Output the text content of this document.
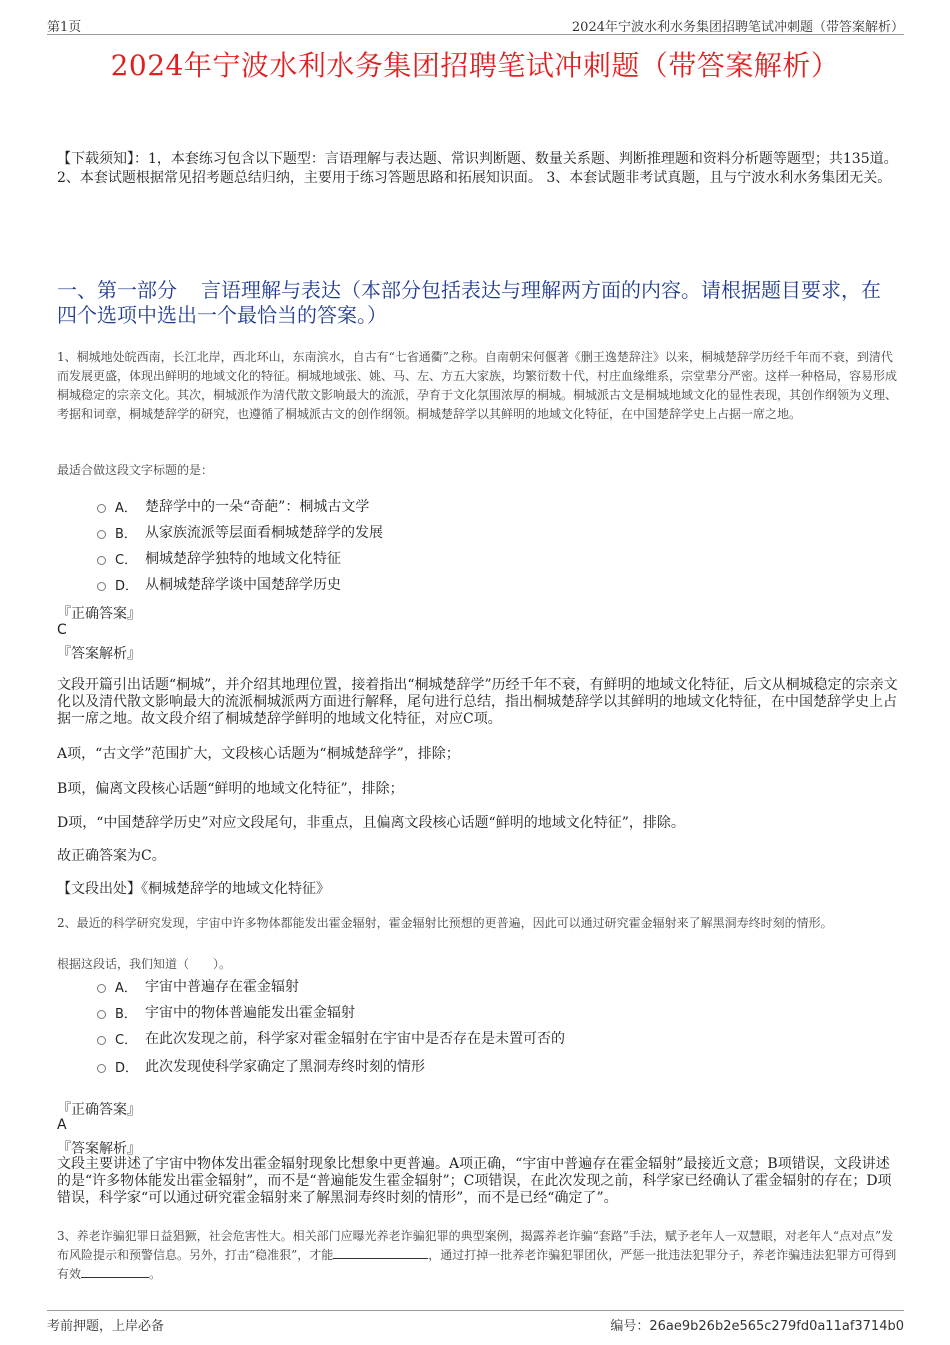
第1页	2024年宁波水利水务集团招聘笔试冲刺题（带答案解析）
2024年宁波水利水务集团招聘笔试冲刺题（带答案解析）
【下载须知】：1，本套练习包含以下题型：言语理解与表达题、常识判断题、数量关系题、判断推理题和资料分析题等题型；共135道。 2、本套试题根据常见招考题总结归纳，主要用于练习答题思路和拓展知识面。 3、本套试题非考试真题，且与宁波水利水务集团无关。
一、第一部分 言语理解与表达（本部分包括表达与理解两方面的内容。请根据题目要求，在四个选项中选出一个最恰当的答案。）
1、桐城地处皖西南，长江北岸，西北环山，东南滨水，自古有“七省通衢”之称。自南朝宋何偃著《删王逸楚辞注》以来，桐城楚辞学历经千年而不衰，到清代而发展更盛，体现出鲜明的地域文化的特征。桐城地域张、姚、马、左、方五大家族，均繁衍数十代，村庄血缘维系，宗堂辈分严密。这样一种格局，容易形成桐城稳定的宗亲文化。其次，桐城派作为清代散文影响最大的流派，孕育于文化氛围浓厚的桐城。桐城派古文是桐城地域文化的显性表现，其创作纲领为义理、考据和词章，桐城楚辞学的研究，也遵循了桐城派古文的创作纲领。桐城楚辞学以其鲜明的地域文化特征，在中国楚辞学史上占据一席之地。
最适合做这段文字标题的是：
A． 楚辞学中的一朵“奇葩”：桐城古文学
B． 从家族流派等层面看桐城楚辞学的发展
C． 桐城楚辞学独特的地域文化特征
D． 从桐城楚辞学谈中国楚辞学历史
『正确答案』
C
『答案解析』
文段开篇引出话题“桐城”，并介绍其地理位置，接着指出“桐城楚辞学”历经千年不衰，有鲜明的地域文化特征，后文从桐城稳定的宗亲文化以及清代散文影响最大的流派桐城派两方面进行解释，尾句进行总结，指出桐城楚辞学以其鲜明的地域文化特征，在中国楚辞学史上占据一席之地。故文段介绍了桐城楚辞学鲜明的地域文化特征，对应C项。
A项，“古文学”范围扩大，文段核心话题为“桐城楚辞学”，排除；
B项，偏离文段核心话题“鲜明的地域文化特征”，排除；
D项，“中国楚辞学历史”对应文段尾句，非重点，且偏离文段核心话题“鲜明的地域文化特征”，排除。
故正确答案为C。
【文段出处】《桐城楚辞学的地域文化特征》
2、最近的科学研究发现，宇宙中许多物体都能发出霍金辐射，霍金辐射比预想的更普遍，因此可以通过研究霍金辐射来了解黑洞寿终时刻的情形。
根据这段话，我们知道（　　）。
A． 宇宙中普遍存在霍金辐射
B． 宇宙中的物体普遍能发出霍金辐射
C． 在此次发现之前，科学家对霍金辐射在宇宙中是否存在是未置可否的
D． 此次发现使科学家确定了黑洞寿终时刻的情形
『正确答案』
A
『答案解析』
文段主要讲述了宇宙中物体发出霍金辐射现象比想象中更普遍。A项正确，“宇宙中普遍存在霍金辐射”最接近文意；B项错误，文段讲述的是“许多物体能发出霍金辐射”，而不是“普遍能发生霍金辐射”；C项错误，在此次发现之前，科学家已经确认了霍金辐射的存在；D项错误，科学家“可以通过研究霍金辐射来了解黑洞寿终时刻的情形”，而不是已经“确定了”。
3、养老诈骗犯罪日益猖獗，社会危害性大。相关部门应曝光养老诈骗犯罪的典型案例，揭露养老诈骗“套路”手法，赋予老年人一双慧眼，对老年人“点对点”发布风险提示和预警信息。另外，打击“稳准狠”，才能	，通过打掉一批养老诈骗犯罪团伙，严惩一批违法犯罪分子，养老诈骗违法犯罪方可得到有效	。
考前押题，上岸必备	编号：26ae9b26b2e565c279fd0a11af3714b0
